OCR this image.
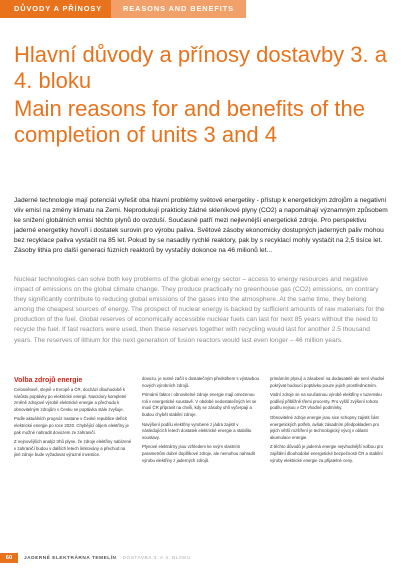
DŮVODY A PŘÍNOSY	REASONS AND BENEFITS
Hlavní důvody a přínosy dostavby 3. a 4. bloku
Main reasons for and benefits of the completion of units 3 and 4

Jaderné technologie mají potenciál vyřešit oba hlavní problémy světové energetiky - přístup k energetickým zdrojům a negativní vliv emisí na změny klimatu na Zemi. Neprodukují prakticky žádné skleníkové plyny (CO2) a napomáhají významným způsobem ke snížení globálních emisí těchto plynů do ovzduší. Současně patří mezi nejlevnější energetické zdroje. Pro perspektivu jaderné energetiky hovoří i dostatek surovin pro výrobu paliva. Světové zásoby ekonomicky dostupných jaderných paliv mohou bez recyklace paliva vystačit na 85 let. Pokud by se nasadily rychlé reaktory, pak by s recyklací mohly vystačit na 2,5 tisíce let. Zásoby lithia pro další generaci fúzních reaktorů by vystačily dokonce na 46 milionů let...

Nuclear technologies can solve both key problems of the global energy sector – access to energy resources and negative impact of emissions on the global climate change. They produce practically no greenhouse gas (CO2) emissions, on contrary they significantly contribute to reducing global emissions of the gases into the atmosphere. At the same time, they belong among the cheapest sources of energy. The prospect of nuclear energy is backed by sufficient amounts of raw materials for the production of the fuel. Global reserves of economically accessible nuclear fuels can last for next 85 years without the need to recycle the fuel. If fast reactors were used, then these reserves together with recycling would last for another 2.5 thousand years. The reserves of lithium for the next generation of fusion reactors would last even longer – 46 million years.

Volba zdrojů energie

Celosvětově, stejně v Evropě a ČR, dochází dlouhodobě k nárůstu poptávky po elektrické energii. Navzdory kompletní změně zdrojové výrobě elektrické energie a přechodu k obnovitelným zdrojům v Česku se poptávka stále zvyšuje.

Podle aktuálních prognóz nastane v České republice deficit elektrické energie po roce 2020. Chybějící objem elektřiny je pak možné nahradit dovozem ze zahraničí.

Z nejnovějších analýz trhů plyne, že zdroje elektřiny nabízené v zahraničí budou v dalších letech limitovány a přechod na jiné zdroje bude vyžadovat výrazné investice.

dovozu, je nutné začít s dostatečným předstihem s výstavbou nových výrobních zdrojů.

Primární faktor i obnovitelné zdroje energie mají omezenou roli v energetické soustavě. V obdobé nedostatečných let se musí ČR připravit na chvíli, kdy se zásoby uhlí vyčerpají a budou chybět stabilní zdroje.

Navýšení podílu elektřiny vyrobené z jádra zajistí v následujících letech dostatek elektrické energie a stabilitu soustavy.

Plynové elektrárny jsou vzhledem ke svým vlastním parametrům dobré doplňkové zdroje, ale nemohou nahradit výrobu elektřiny z jaderných zdrojů.

primárním plynu) a zásobení na dodavatelé ale není vhodné pokrývat budoucí poptávku pouze jejich prostřednictvím.

Vodní zdroje se na současnou výrobě elektřiny v tuzemsku podílejí přibližně třemi procenty. Pro vyšší zvýšení tohoto podílu nejsou v ČR vhodné podmínky.

Obnovitelné zdroje energie jsou sice schopny zajistit část energetických potřeb, avšak zásadním předpokladem pro jejich větší rozšíření je technologický vývoj v oblasti akumulace energie.

Z těchto důvodů je jaderná energie nejvhodnější volbou pro zajištění dlouhodobé energetické bezpečnosti ČR a stabilní výroby elektrické energie za přijatelné ceny.

60	JADERNÉ ELEKTRÁRNA TEMELÍN DOSTAVBA 3. A 4. BLOKU
